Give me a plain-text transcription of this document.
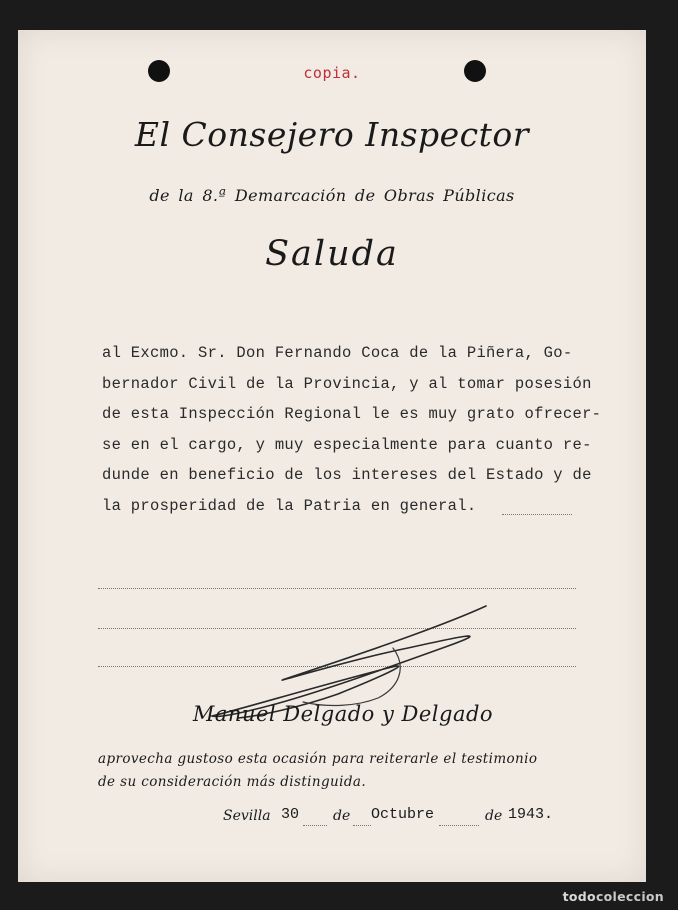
copia.
El Consejero Inspector
de la 8.ª Demarcación de Obras Públicas
Saluda
al Excmo. Sr. Don Fernando Coca de la Piñera, Go-
bernador Civil de la Provincia, y al tomar posesión
de esta Inspección Regional le es muy grato ofrecer-
se en el cargo, y muy especialmente para cuanto re-
dunde en beneficio de los intereses del Estado y de
la prosperidad de la Patria en general.
Manuel Delgado y Delgado
aprovecha gustoso esta ocasión para reiterarle el testimonio
de su consideración más distinguida.
Sevilla 30 de Octubre	de 1943.
todocoleccion
